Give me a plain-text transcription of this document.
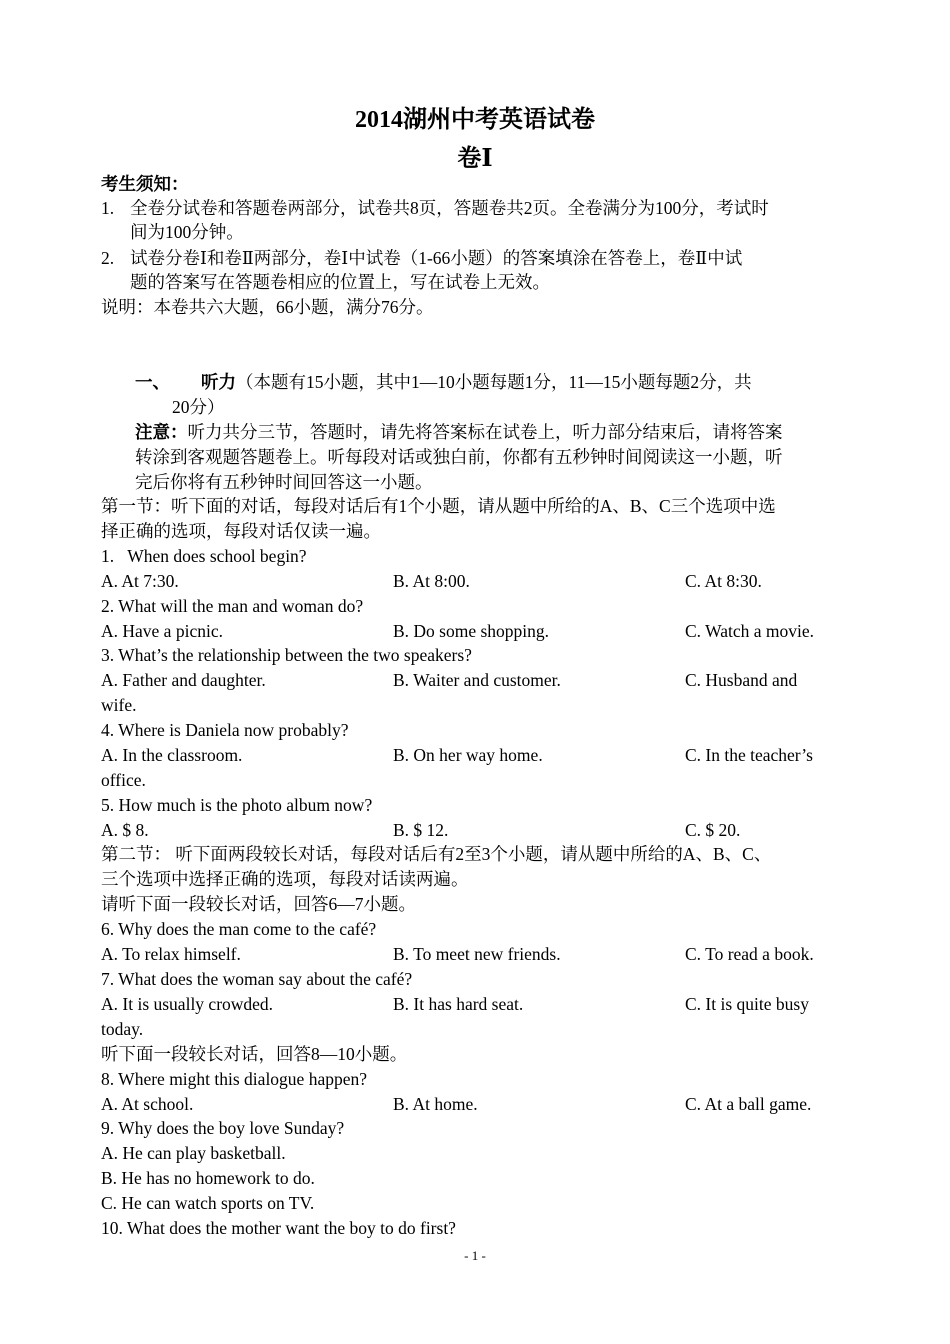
2014湖州中考英语试卷
卷Ⅰ
考生须知：
1. 全卷分试卷和答题卷两部分，试卷共8页，答题卷共2页。全卷满分为100分，考试时
间为100分钟。
2. 试卷分卷Ⅰ和卷Ⅱ两部分，卷Ⅰ中试卷（1-66小题）的答案填涂在答卷上，卷Ⅱ中试
题的答案写在答题卷相应的位置上，写在试卷上无效。
说明：本卷共六大题，66小题，满分76分。
一、 听力（本题有15小题，其中1—10小题每题1分，11—15小题每题2分，共
20分）
注意：听力共分三节，答题时，请先将答案标在试卷上，听力部分结束后，请将答案
转涂到客观题答题卷上。听每段对话或独白前，你都有五秒钟时间阅读这一小题，听
完后你将有五秒钟时间回答这一小题。
第一节：听下面的对话，每段对话后有1个小题，请从题中所给的A、B、C三个选项中选
择正确的选项，每段对话仅读一遍。
1. When does school begin?
A. At 7:30.	B. At 8:00.	C. At 8:30.
2. What will the man and woman do?
A. Have a picnic.	B. Do some shopping.	C. Watch a movie.
3. What’s the relationship between the two speakers?
A. Father and daughter.	B. Waiter and customer.	C. Husband and
wife.
4. Where is Daniela now probably?
A. In the classroom.	B. On her way home.	C. In the teacher’s
office.
5. How much is the photo album now?
A. $ 8.	B. $ 12.	C. $ 20.
第二节： 听下面两段较长对话，每段对话后有2至3个小题，请从题中所给的A、B、C、
三个选项中选择正确的选项，每段对话读两遍。
请听下面一段较长对话，回答6—7小题。
6. Why does the man come to the café?
A. To relax himself.	B. To meet new friends.	C. To read a book.
7. What does the woman say about the café?
A. It is usually crowded.	B. It has hard seat.	C. It is quite busy
today.
听下面一段较长对话，回答8—10小题。
8. Where might this dialogue happen?
A. At school.	B. At home.	C. At a ball game.
9. Why does the boy love Sunday?
A. He can play basketball.
B. He has no homework to do.
C. He can watch sports on TV.
10. What does the mother want the boy to do first?
- 1 -
